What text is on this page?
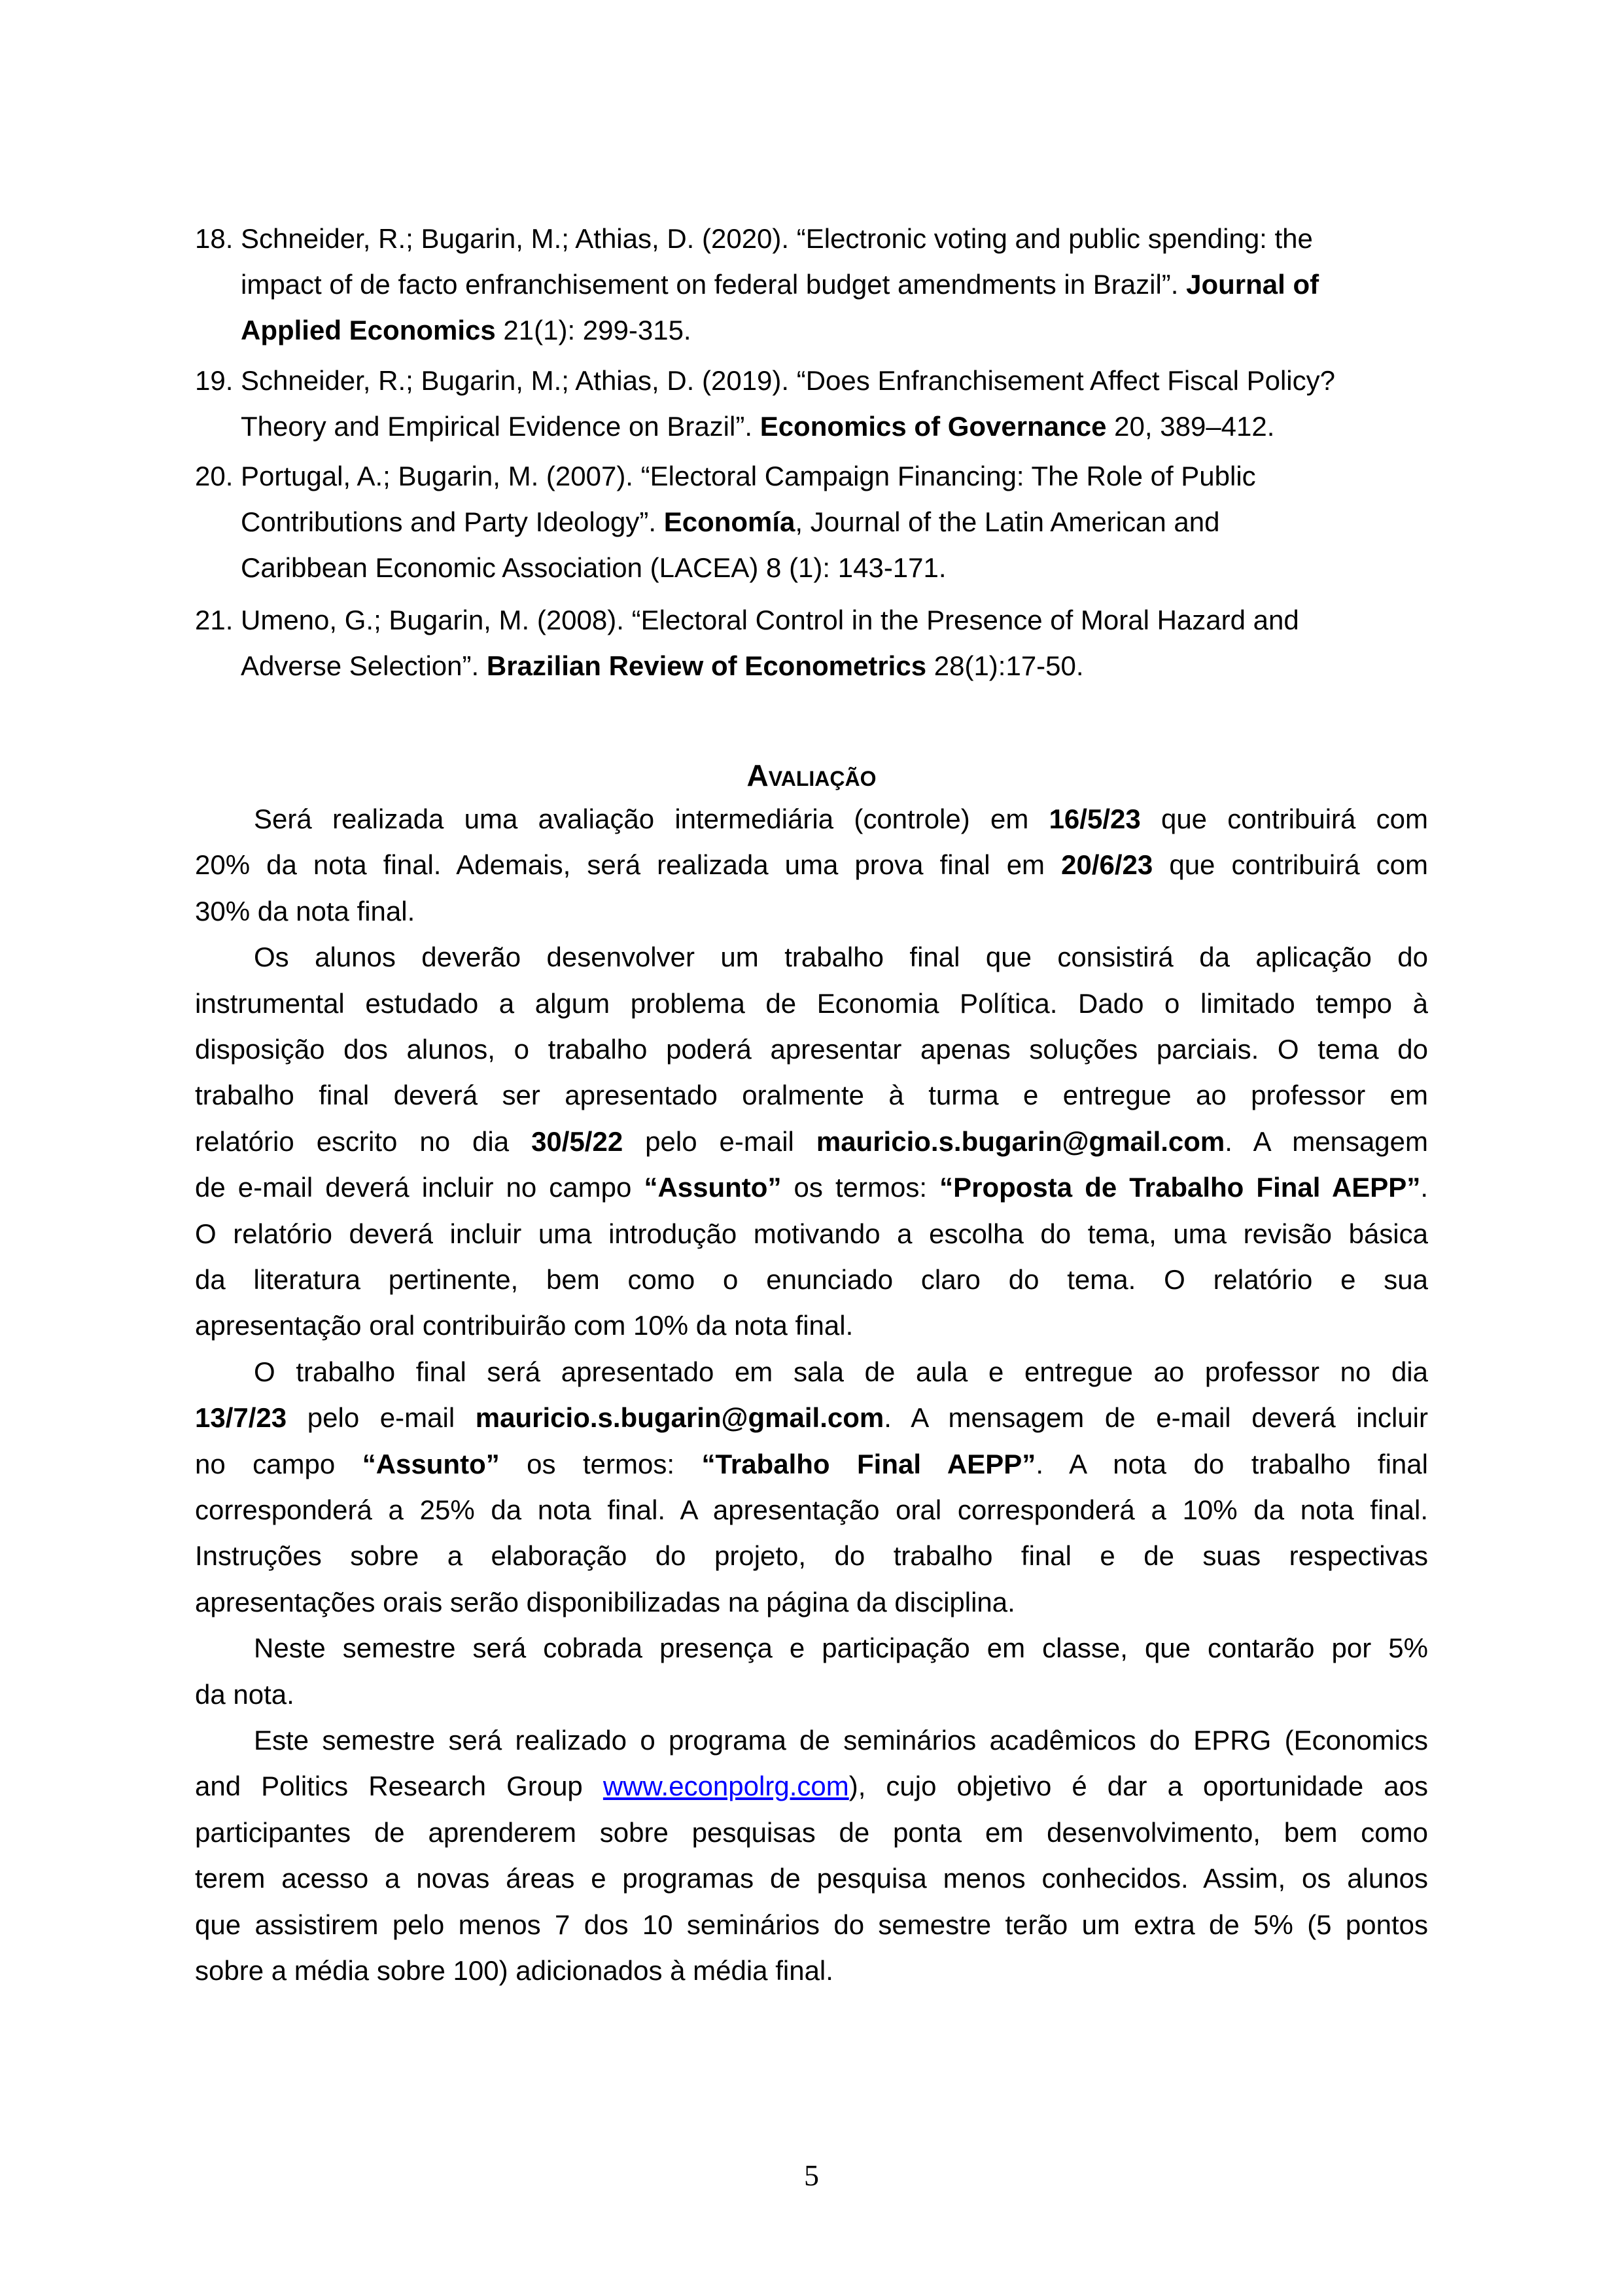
18. Schneider, R.; Bugarin, M.; Athias, D. (2020). “Electronic voting and public spending: the
impact of de facto enfranchisement on federal budget amendments in Brazil”. Journal of
Applied Economics 21(1): 299-315.
19. Schneider, R.; Bugarin, M.; Athias, D. (2019). “Does Enfranchisement Affect Fiscal Policy?
Theory and Empirical Evidence on Brazil”. Economics of Governance 20, 389–412.
20. Portugal, A.; Bugarin, M. (2007). “Electoral Campaign Financing: The Role of Public
Contributions and Party Ideology”. Economía, Journal of the Latin American and
Caribbean Economic Association (LACEA) 8 (1): 143-171.
21. Umeno, G.; Bugarin, M. (2008). “Electoral Control in the Presence of Moral Hazard and
Adverse Selection”. Brazilian Review of Econometrics 28(1):17-50.
Avaliação
Será realizada uma avaliação intermediária (controle) em 16/5/23 que contribuirá com
20% da nota final. Ademais, será realizada uma prova final em 20/6/23 que contribuirá com
30% da nota final.
Os alunos deverão desenvolver um trabalho final que consistirá da aplicação do
instrumental estudado a algum problema de Economia Política. Dado o limitado tempo à
disposição dos alunos, o trabalho poderá apresentar apenas soluções parciais. O tema do
trabalho final deverá ser apresentado oralmente à turma e entregue ao professor em
relatório escrito no dia 30/5/22 pelo e-mail mauricio.s.bugarin@gmail.com. A mensagem
de e-mail deverá incluir no campo “Assunto” os termos: “Proposta de Trabalho Final AEPP”.
O relatório deverá incluir uma introdução motivando a escolha do tema, uma revisão básica
da literatura pertinente, bem como o enunciado claro do tema. O relatório e sua
apresentação oral contribuirão com 10% da nota final.
O trabalho final será apresentado em sala de aula e entregue ao professor no dia
13/7/23 pelo e-mail mauricio.s.bugarin@gmail.com. A mensagem de e-mail deverá incluir
no campo “Assunto” os termos: “Trabalho Final AEPP”. A nota do trabalho final
corresponderá a 25% da nota final. A apresentação oral corresponderá a 10% da nota final.
Instruções sobre a elaboração do projeto, do trabalho final e de suas respectivas
apresentações orais serão disponibilizadas na página da disciplina.
Neste semestre será cobrada presença e participação em classe, que contarão por 5%
da nota.
Este semestre será realizado o programa de seminários acadêmicos do EPRG (Economics
and Politics Research Group www.econpolrg.com), cujo objetivo é dar a oportunidade aos
participantes de aprenderem sobre pesquisas de ponta em desenvolvimento, bem como
terem acesso a novas áreas e programas de pesquisa menos conhecidos. Assim, os alunos
que assistirem pelo menos 7 dos 10 seminários do semestre terão um extra de 5% (5 pontos
sobre a média sobre 100) adicionados à média final.
5
